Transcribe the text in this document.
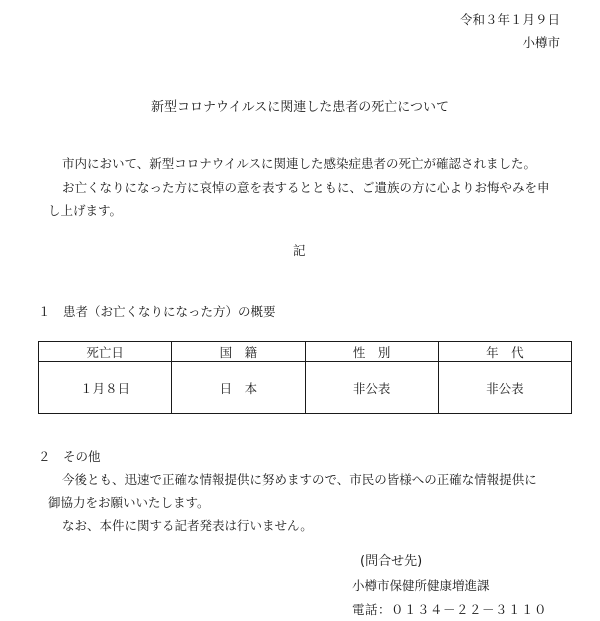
令和３年１月９日
小樽市
新型コロナウイルスに関連した患者の死亡について
市内において、新型コロナウイルスに関連した感染症患者の死亡が確認されました。
お亡くなりになった方に哀悼の意を表するとともに、ご遺族の方に心よりお悔やみを申
し上げます。
記
１　患者（お亡くなりになった方）の概要
死亡日	国　籍	性　別	年　代
１月８日	日　本	非公表	非公表
２　その他
今後とも、迅速で正確な情報提供に努めますので、市民の皆様への正確な情報提供に
御協力をお願いいたします。
なお、本件に関する記者発表は行いません。
(問合せ先)
小樽市保健所健康増進課
電話：０１３４－２２－３１１０
